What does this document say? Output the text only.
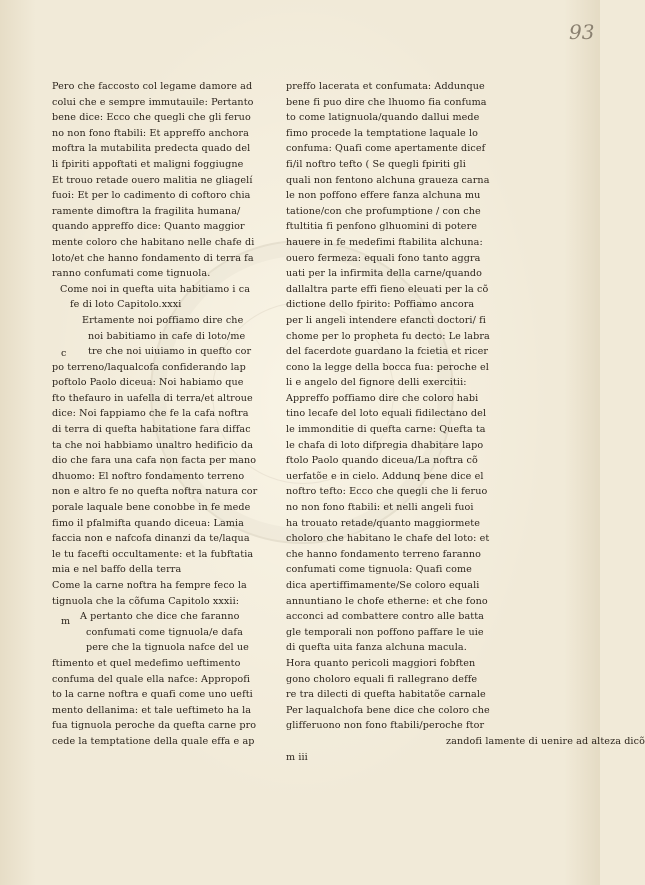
93
Pero che faccosto col legame damore ad
colui che e sempre immutauile: Pertanto
bene dice: Ecco che quegli che gli feruo
no non fono ftabili: Et appreffo anchora
moftra la mutabilita predecta quado del
li fpiriti appoftati et maligni foggiugne
Et trouo retade ouero malitia ne gliagelí
fuoi: Et per lo cadimento di coftoro chia
ramente dimoftra la fragilita humana/
quando appreffo dice: Quanto maggior
mente coloro che habitano nelle chafe di
loto/et che hanno fondamento di terra fa
ranno confumati come tignuola.
Come noi in quefta uita habitiamo i ca
fe di loto Capitolo.xxxi
Ertamente noi poffiamo dire che
noi babitiamo in cafe di loto/me
tre che noi uiuiamo in quefto cor
po terreno/laqualcofa confiderando lap
poftolo Paolo diceua: Noi habiamo que
fto thefauro in uafella di terra/et altroue
dice: Noi fappiamo che fe la cafa noftra
di terra di quefta habitatione fara diffac
ta che noi habbiamo unaltro hedificio da
dio che fara una cafa non facta per mano
dhuomo: El noftro fondamento terreno
non e altro fe no quefta noftra natura cor
porale laquale bene conobbe in fe mede
fimo il pfalmifta quando diceua: Lamia
faccia non e nafcofa dinanzi da te/laqua
le tu facefti occultamente: et la fubftatia
mia e nel baffo della terra
Come la carne noftra ha fempre feco la
tignuola che la cõfuma Capitolo xxxii:
A pertanto che dice che faranno
confumati come tignuola/e dafa
pere che la tignuola nafce del ue
ftimento et quel medefimo ueftimento
confuma del quale ella nafce: Appropofi
to la carne noftra e quafi come uno uefti
mento dellanima: et tale ueftimeto ha la
fua tignuola peroche da quefta carne pro
cede la temptatione della quale effa e ap
preffo lacerata et confumata: Addunque
bene fi puo dire che lhuomo fia confuma
to come latignuola/quando dallui mede
fimo procede la temptatione laquale lo
confuma: Quafi come apertamente dicef
fi/il noftro tefto ( Se quegli fpiriti gli
quali non fentono alchuna graueza carna
le non poffono effere fanza alchuna mu
tatione/con che profumptione / con che
ftultitia fi penfono glhuomini di potere
hauere in fe medefimi ftabilita alchuna:
ouero fermeza: equali fono tanto aggra
uati per la infirmita della carne/quando
dallaltra parte effi fieno eleuati per la cõ
dictione dello fpirito: Poffiamo ancora
per li angeli intendere efancti doctori/ fi
chome per lo propheta fu decto: Le labra
del facerdote guardano la fcietia et ricer
cono la legge della bocca fua: peroche el
li e angelo del fignore delli exercitii:
Appreffo poffiamo dire che coloro habi
tino lecafe del loto equali fidilectano del
le immonditie di quefta carne: Quefta ta
le chafa di loto difpregia dhabitare lapo
ftolo Paolo quando diceua/La noftra cõ
uerfatõe e in cielo. Addunq bene dice el
noftro tefto: Ecco che quegli che li feruo
no non fono ftabili: et nelli angeli fuoi
ha trouato retade/quanto maggiormete
choloro che habitano le chafe del loto: et
che hanno fondamento terreno faranno
confumati come tignuola: Quafi come
dica apertiffimamente/Se coloro equali
annuntiano le chofe etherne: et che fono
acconci ad combattere contro alle batta
gle temporali non poffono paffare le uie
di quefta uita fanza alchuna macula.
Hora quanto pericoli maggiori fobften
gono choloro equali fi rallegrano deffe
re tra dilecti di quefta habitatõe carnale
Per laqualchofa bene dice che coloro che
glifferuono non fono ftabili/peroche ftor
zandofi lamente di uenire ad alteza dicõ
m iii
c
m
